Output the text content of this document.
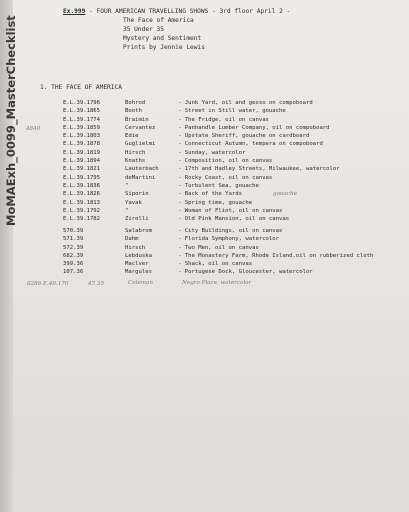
MoMAExh_0099_MasterChecklist
Ex.999 - FOUR AMERICAN TRAVELLING SHOWS - 3rd floor April 2 -
The Face of America
35 Under 35
Mystery and Sentiment
Prints by Jennie Lewis
1. THE FACE OF AMERICA
E.L.39.1796	Bohrod	- Junk Yard, oil and gesso on compoboard
E.L.39.1865	Booth	- Street in Still water, gouache
E.L.39.1774	Braimin	- The Fridge, oil on canvas
E.L.39.1859	Cervantez	- Panhandle Lumber Company, oil on compoboard
E.L.39.1803	Edie	- Upstate Sheriff, gouache on cardboard
E.L.39.1878	Guglielmi	- Connecticut Autumn, tempera on compoboard
E.L.39.1819	Hirsch	- Sunday, watercolor
E.L.39.1894	Knaths	- Composition, oil on canvas
E.L.39.1821	Lauterbach	- 17th and Hadley Streets, Milwaukee, watercolor
E.L.39.1795	deMartini	- Rocky Coast, oil on canvas
E.L.39.1836	"	- Turbulent Sea, gouache
E.L.39.1826	Siporin	- Back of the Yards	gouache
E.L.39.1813	Yavak	- Spring time, gouache
E.L.39.1792	"	- Woman of Flint, oil on canvas
E.L.39.1782	Zirolli	- Old Pink Mansion, oil on canvas
4840
570.39	Salabrom	- City Buildings, oil on canvas
571.39	Dahm	- Florida Symphony, watercolor
572.39	Hirsch	- Two Men, oil on canvas
682.39	Lebduska	- The Monastery Farm, Rhode Island,oil on rubberized cloth
399.36	Maclver	- Shack, oil on canvas
107.36	Margules	- Portugese Dock, Gloucester, watercolor
0286 E.40.170	47.35	Coleman	Negro Place, watercolor
